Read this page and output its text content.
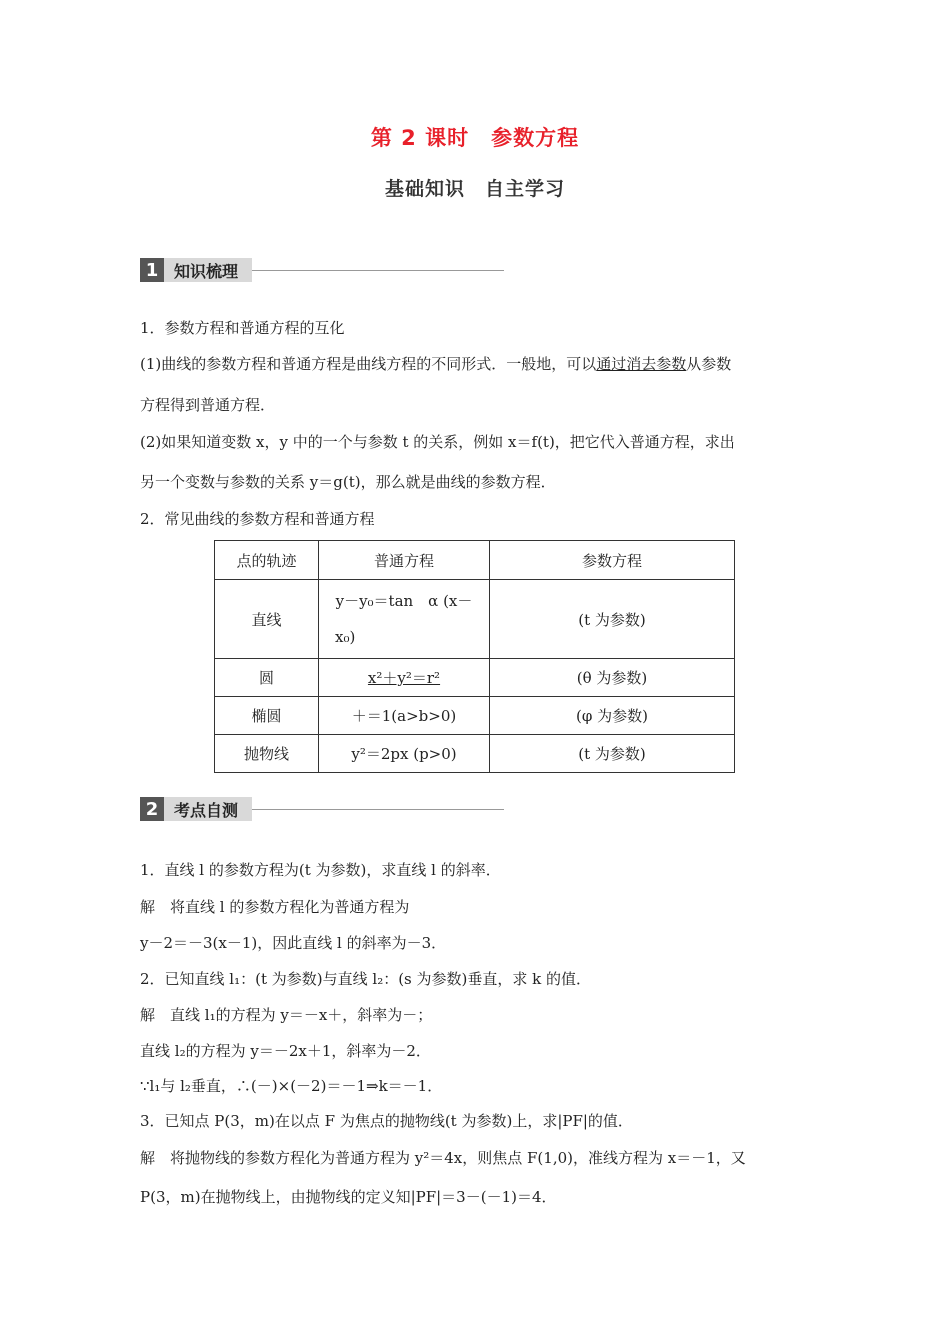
第 2 课时　参数方程
基础知识　自主学习
1 知识梳理
1．参数方程和普通方程的互化
(1)曲线的参数方程和普通方程是曲线方程的不同形式．一般地，可以通过消去参数从参数
方程得到普通方程．
(2)如果知道变数 x，y 中的一个与参数 t 的关系，例如 x＝f(t)，把它代入普通方程，求出
另一个变数与参数的关系 y＝g(t)，那么就是曲线的参数方程．
2．常见曲线的参数方程和普通方程
点的轨迹	普通方程	参数方程
直线	y－y₀＝tan　α (x－
x₀)	(t 为参数)
圆	x²＋y²＝r²	(θ 为参数)
椭圆	＋＝1(a>b>0)	(φ 为参数)
抛物线	y²＝2px (p>0)	(t 为参数)
2 考点自测
1．直线 l 的参数方程为(t 为参数)，求直线 l 的斜率．
解　将直线 l 的参数方程化为普通方程为
y－2＝－3(x－1)，因此直线 l 的斜率为－3．
2．已知直线 l₁：(t 为参数)与直线 l₂：(s 为参数)垂直，求 k 的值．
解　直线 l₁的方程为 y＝－x＋，斜率为－；
直线 l₂的方程为 y＝－2x＋1，斜率为－2．
∵l₁与 l₂垂直，∴(－)×(－2)＝－1⇒k＝－1．
3．已知点 P(3，m)在以点 F 为焦点的抛物线(t 为参数)上，求|PF|的值．
解　将抛物线的参数方程化为普通方程为 y²＝4x，则焦点 F(1,0)，准线方程为 x＝－1，又
P(3，m)在抛物线上，由抛物线的定义知|PF|＝3－(－1)＝4．
